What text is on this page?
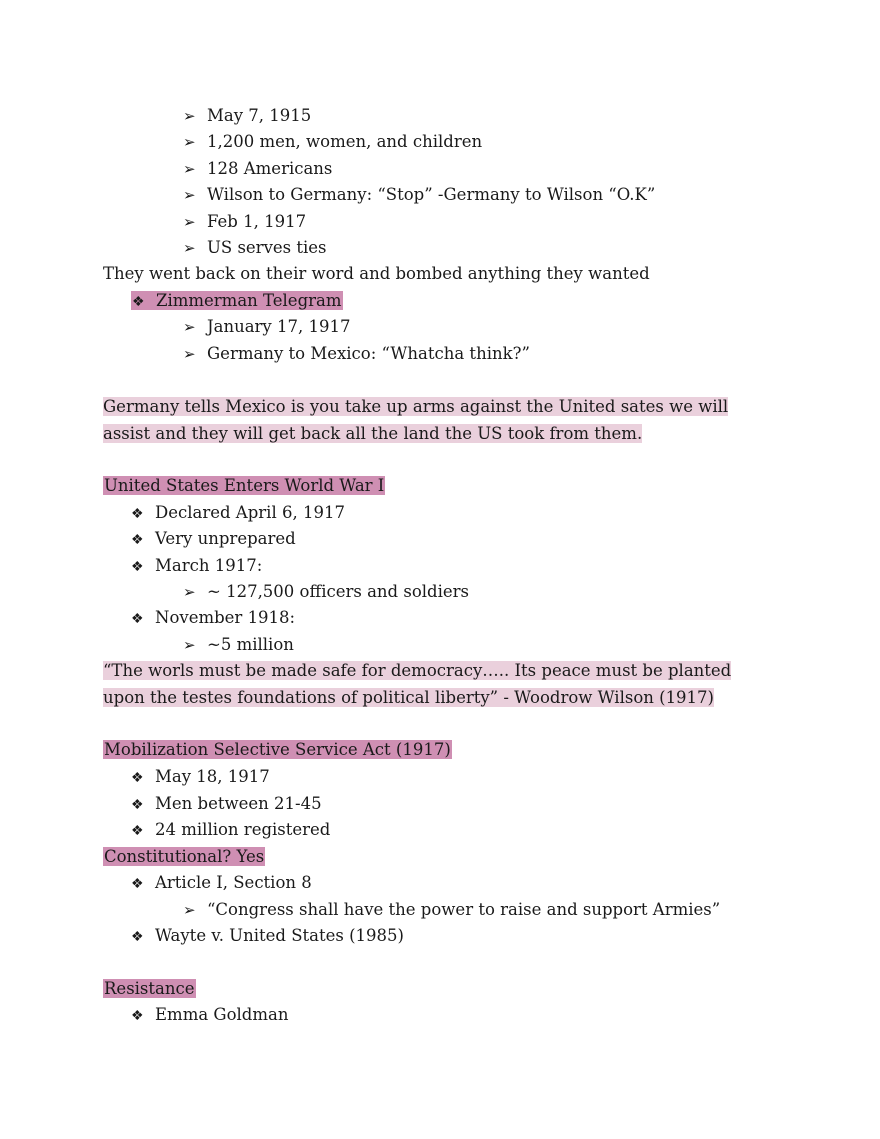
➢ May 7, 1915
➢ 1,200 men, women, and children
➢ 128 Americans
➢ Wilson to Germany: “Stop” -Germany to Wilson “O.K”
➢ Feb 1, 1917
➢ US serves ties
They went back on their word and bombed anything they wanted
❖ Zimmerman Telegram
➢ January 17, 1917
➢ Germany to Mexico: “Whatcha think?”
Germany tells Mexico is you take up arms against the United sates we will assist and they will get back all the land the US took from them.
United States Enters World War I
❖ Declared April 6, 1917
❖ Very unprepared
❖ March 1917:
➢ ~ 127,500 officers and soldiers
❖ November 1918:
➢ ~5 million
“The worls must be made safe for democracy….. Its peace must be planted upon the testes foundations of political liberty” - Woodrow Wilson (1917)
Mobilization Selective Service Act (1917)
❖ May 18, 1917
❖ Men between 21-45
❖ 24 million registered
Constitutional? Yes
❖ Article I, Section 8
➢ “Congress shall have the power to raise and support Armies”
❖ Wayte v. United States (1985)
Resistance
❖ Emma Goldman
